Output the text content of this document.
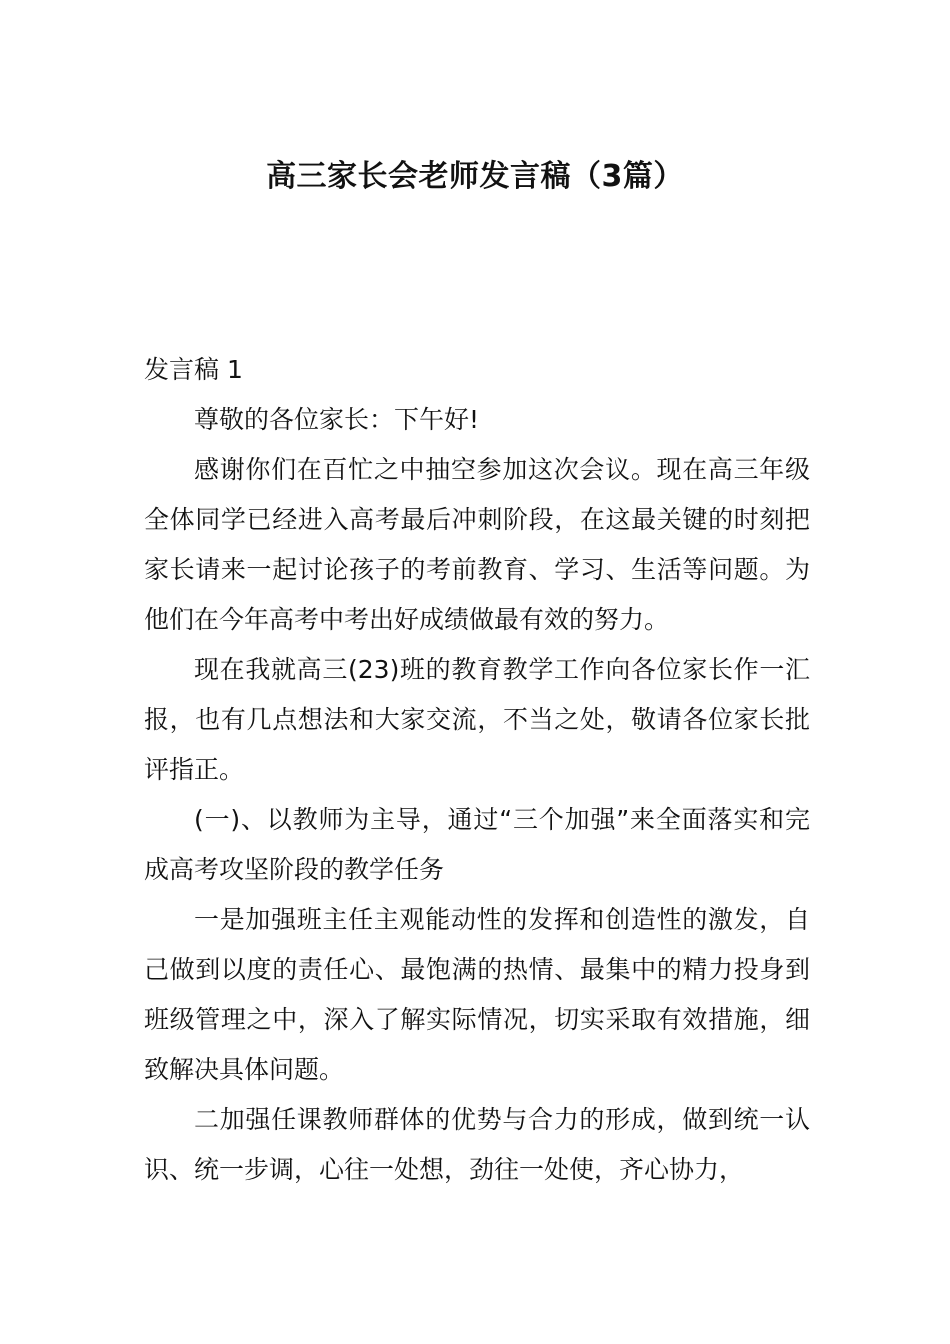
高三家长会老师发言稿（3篇）

发言稿 1

尊敬的各位家长：下午好!

感谢你们在百忙之中抽空参加这次会议。现在高三年级全体同学已经进入高考最后冲刺阶段，在这最关键的时刻把家长请来一起讨论孩子的考前教育、学习、生活等问题。为他们在今年高考中考出好成绩做最有效的努力。

现在我就高三(23)班的教育教学工作向各位家长作一汇报，也有几点想法和大家交流，不当之处，敬请各位家长批评指正。

(一)、以教师为主导，通过“三个加强”来全面落实和完成高考攻坚阶段的教学任务

一是加强班主任主观能动性的发挥和创造性的激发，自己做到以度的责任心、最饱满的热情、最集中的精力投身到班级管理之中，深入了解实际情况，切实采取有效措施，细致解决具体问题。

二加强任课教师群体的优势与合力的形成，做到统一认识、统一步调，心往一处想，劲往一处使，齐心协力，
